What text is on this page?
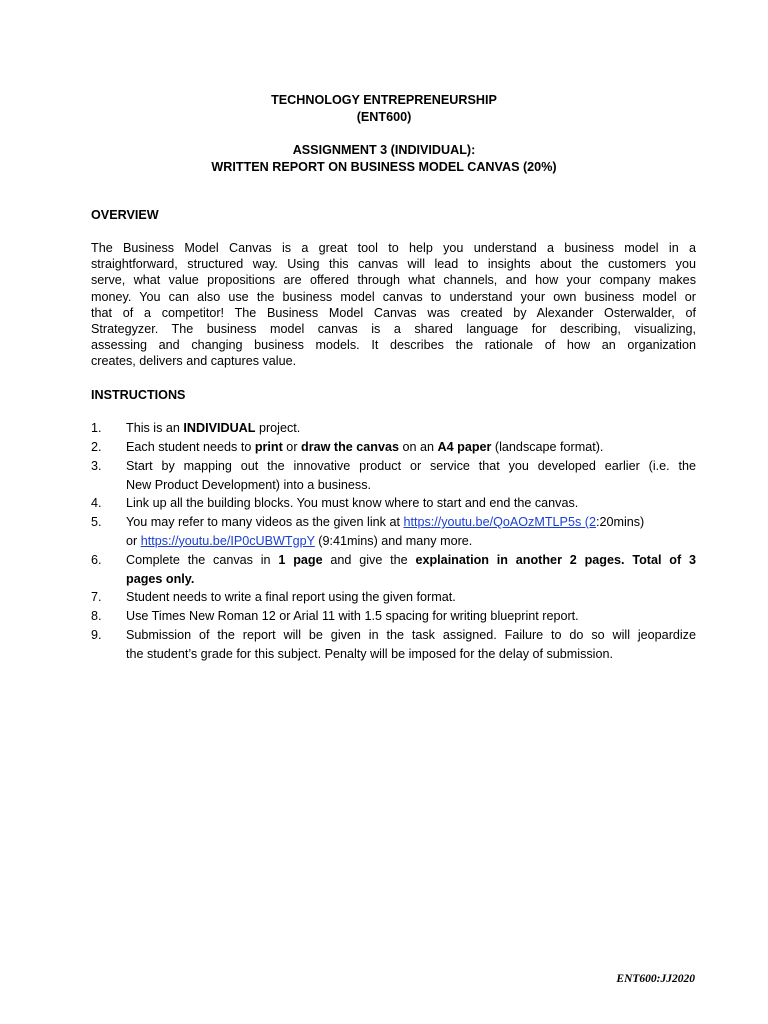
TECHNOLOGY ENTREPRENEURSHIP
(ENT600)
ASSIGNMENT 3 (INDIVIDUAL):
WRITTEN REPORT ON BUSINESS MODEL CANVAS (20%)
OVERVIEW
The Business Model Canvas is a great tool to help you understand a business model in a
straightforward, structured way. Using this canvas will lead to insights about the customers you
serve, what value propositions are offered through what channels, and how your company makes
money. You can also use the business model canvas to understand your own business model or
that of a competitor! The Business Model Canvas was created by Alexander Osterwalder, of
Strategyzer. The business model canvas is a shared language for describing, visualizing,
assessing and changing business models. It describes the rationale of how an organization
creates, delivers and captures value.
INSTRUCTIONS
1.	This is an INDIVIDUAL project.
2.	Each student needs to print or draw the canvas on an A4 paper (landscape format).
3.	Start by mapping out the innovative product or service that you developed earlier (i.e. the
New Product Development) into a business.
4.	Link up all the building blocks. You must know where to start and end the canvas.
5.	You may refer to many videos as the given link at https://youtu.be/QoAOzMTLP5s (2:20mins)
or https://youtu.be/IP0cUBWTgpY (9:41mins) and many more.
6.	Complete the canvas in 1 page and give the explaination in another 2 pages. Total of 3
pages only.
7.	Student needs to write a final report using the given format.
8.	Use Times New Roman 12 or Arial 11 with 1.5 spacing for writing blueprint report.
9.	Submission of the report will be given in the task assigned. Failure to do so will jeopardize
the student’s grade for this subject. Penalty will be imposed for the delay of submission.
ENT600:JJ2020
